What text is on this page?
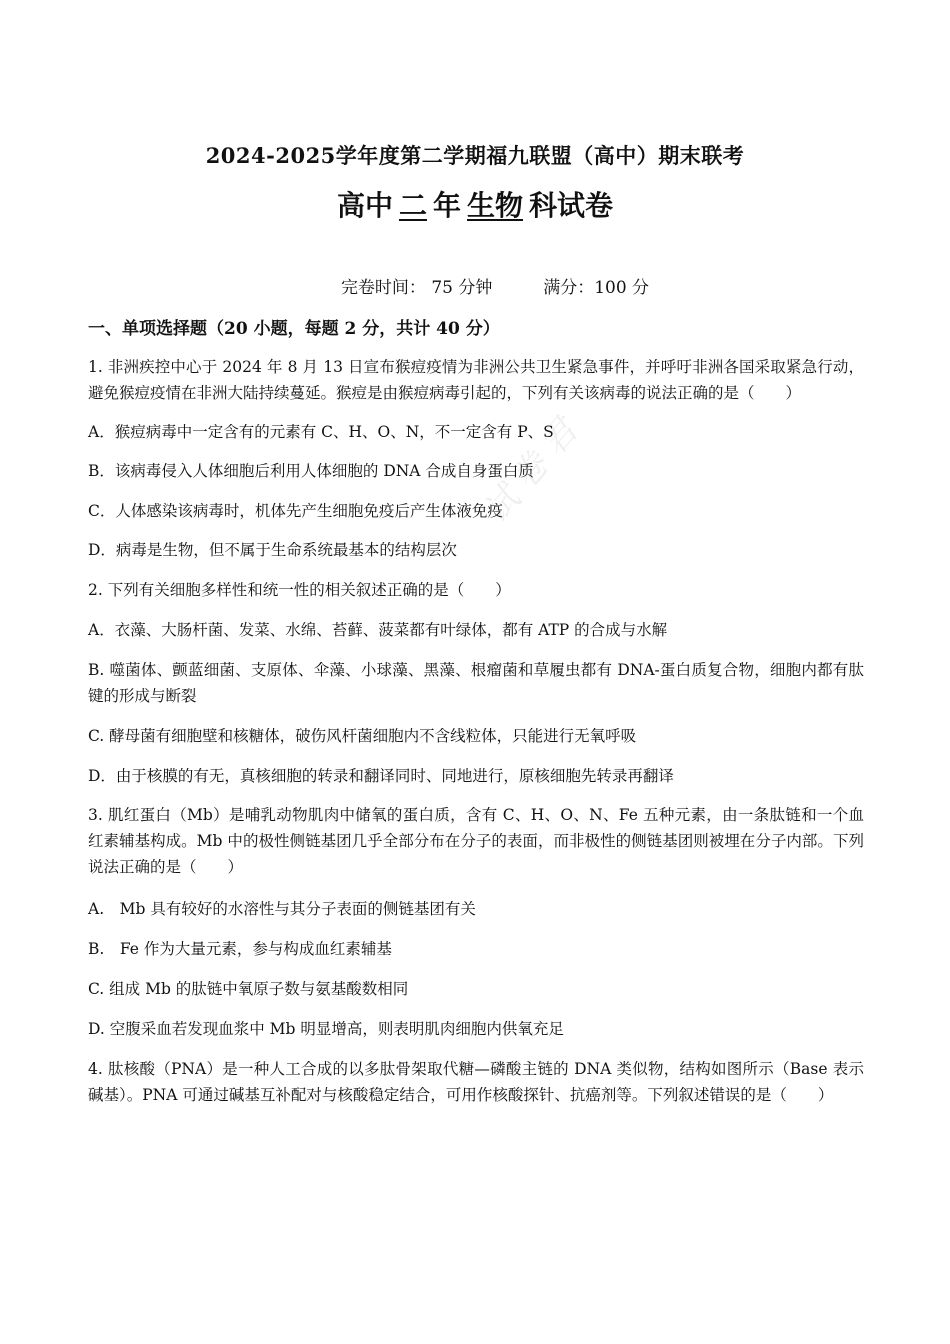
2024-2025学年度第二学期福九联盟（高中）期末联考
高中 二 年 生物 科试卷
完卷时间： 75 分钟	满分：100 分
一、单项选择题（20 小题，每题 2 分，共计 40 分）
1. 非洲疾控中心于 2024 年 8 月 13 日宣布猴痘疫情为非洲公共卫生紧急事件，并呼吁非洲各国采取紧急行动，避免猴痘疫情在非洲大陆持续蔓延。猴痘是由猴痘病毒引起的，下列有关该病毒的说法正确的是（　　）
A．猴痘病毒中一定含有的元素有 C、H、O、N，不一定含有 P、S
B．该病毒侵入人体细胞后利用人体细胞的 DNA 合成自身蛋白质
C．人体感染该病毒时，机体先产生细胞免疫后产生体液免疫
D．病毒是生物，但不属于生命系统最基本的结构层次
2. 下列有关细胞多样性和统一性的相关叙述正确的是（　　）
A．衣藻、大肠杆菌、发菜、水绵、苔藓、菠菜都有叶绿体，都有 ATP 的合成与水解
B. 噬菌体、颤蓝细菌、支原体、伞藻、小球藻、黑藻、根瘤菌和草履虫都有 DNA-蛋白质复合物，细胞内都有肽键的形成与断裂
C. 酵母菌有细胞壁和核糖体，破伤风杆菌细胞内不含线粒体，只能进行无氧呼吸
D．由于核膜的有无，真核细胞的转录和翻译同时、同地进行，原核细胞先转录再翻译
3. 肌红蛋白（Mb）是哺乳动物肌肉中储氧的蛋白质，含有 C、H、O、N、Fe 五种元素，由一条肽链和一个血红素辅基构成。Mb 中的极性侧链基团几乎全部分布在分子的表面，而非极性的侧链基团则被埋在分子内部。下列说法正确的是（　　）
A.　Mb 具有较好的水溶性与其分子表面的侧链基团有关
B.　Fe 作为大量元素，参与构成血红素辅基
C. 组成 Mb 的肽链中氧原子数与氨基酸数相同
D. 空腹采血若发现血浆中 Mb 明显增高，则表明肌肉细胞内供氧充足
4. 肽核酸（PNA）是一种人工合成的以多肽骨架取代糖—磷酸主链的 DNA 类似物，结构如图所示（Base 表示碱基）。PNA 可通过碱基互补配对与核酸稳定结合，可用作核酸探针、抗癌剂等。下列叙述错误的是（　　）
试卷君
